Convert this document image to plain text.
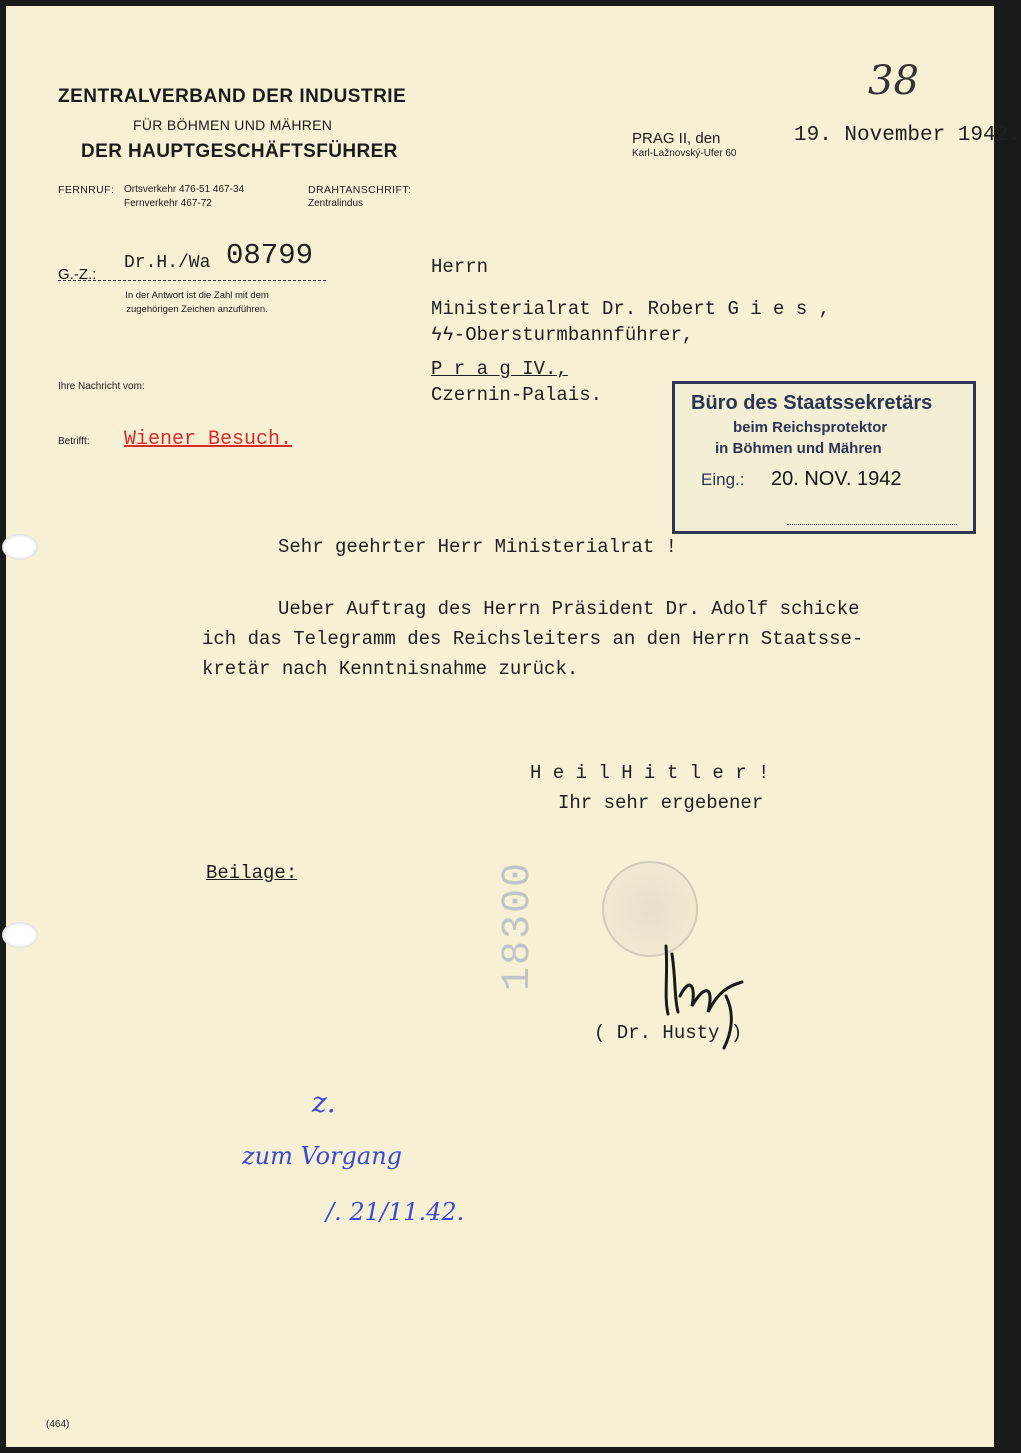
38
ZENTRALVERBAND DER INDUSTRIE
FÜR BÖHMEN UND MÄHREN
DER HAUPTGESCHÄFTSFÜHRER
FERNRUF: Ortsverkehr 476-51 467-34
Fernverkehr 467-72
DRAHTANSCHRIFT:
Zentralindus
PRAG II, den	19. November 1942.
Karl-Lažnovský-Ufer 60
G.-Z.:
Dr.H./Wa 08799
In der Antwort ist die Zahl mit dem zugehörigen Zeichen anzuführen.
Ihre Nachricht vom:
Betrifft: Wiener Besuch.
Herrn
Ministerialrat Dr. Robert G i e s ,
ϟϟ-Obersturmbannführer,
P r a g IV.,
Czernin-Palais.	Büro des Staatssekretärs
beim Reichsprotektor
in Böhmen und Mähren
Eing.: 20. NOV. 1942
Sehr geehrter Herr Ministerialrat !
Ueber Auftrag des Herrn Präsident Dr. Adolf schicke
ich das Telegramm des Reichsleiters an den Herrn Staatsse-
kretär nach Kenntnisnahme zurück.
H e i l H i t l e r !
Ihr sehr ergebener
Beilage:	18300
( Dr. Husty )
z.
zum Vorgang
/. 21/11.42.
(464)
